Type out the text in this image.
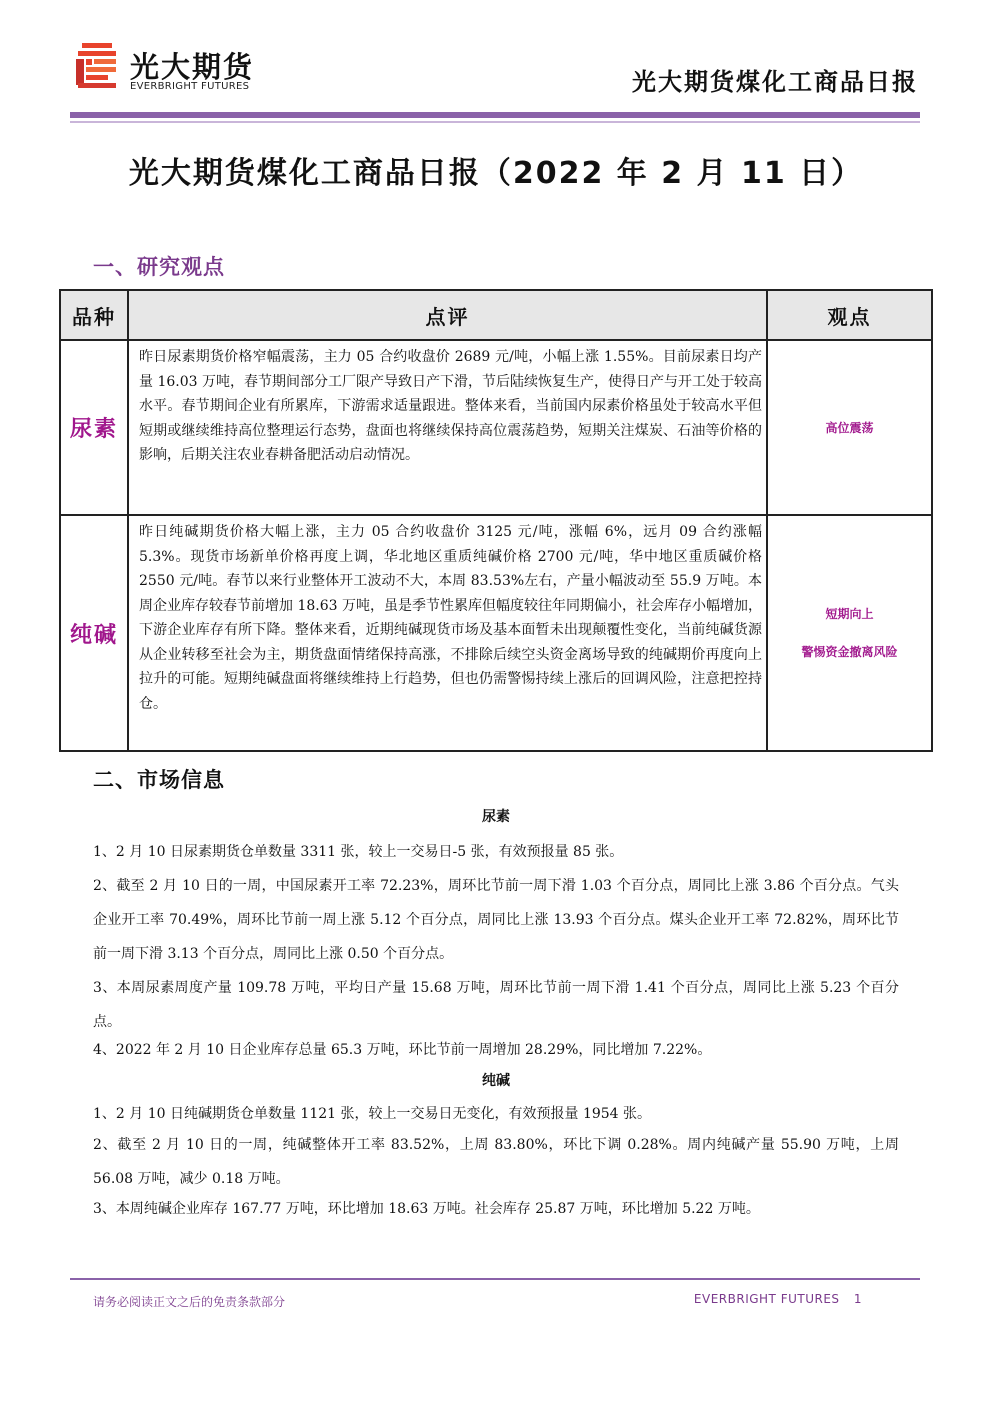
光大期货
EVERBRIGHT FUTURES	光大期货煤化工商品日报
光大期货煤化工商品日报（2022 年 2 月 11 日）
一、研究观点
品种	点评	观点
尿素	昨日尿素期货价格窄幅震荡，主力 05 合约收盘价 2689 元/吨，小幅上涨 1.55%。目前尿素日均产量 16.03 万吨，春节期间部分工厂限产导致日产下滑，节后陆续恢复生产，使得日产与开工处于较高水平。春节期间企业有所累库，下游需求适量跟进。整体来看，当前国内尿素价格虽处于较高水平但短期或继续维持高位整理运行态势，盘面也将继续保持高位震荡趋势，短期关注煤炭、石油等价格的影响，后期关注农业春耕备肥活动启动情况。	高位震荡

纯碱	昨日纯碱期货价格大幅上涨，主力 05 合约收盘价 3125 元/吨，涨幅 6%，远月 09 合约涨幅 5.3%。现货市场新单价格再度上调，华北地区重质纯碱价格 2700 元/吨，华中地区重质碱价格 2550 元/吨。春节以来行业整体开工波动不大，本周 83.53%左右，产量小幅波动至 55.9 万吨。本周企业库存较春节前增加 18.63 万吨，虽是季节性累库但幅度较往年同期偏小，社会库存小幅增加，下游企业库存有所下降。整体来看，近期纯碱现货市场及基本面暂未出现颠覆性变化，当前纯碱货源从企业转移至社会为主，期货盘面情绪保持高涨，不排除后续空头资金离场导致的纯碱期价再度向上拉升的可能。短期纯碱盘面将继续维持上行趋势，但也仍需警惕持续上涨后的回调风险，注意把控持仓。	短期向上
警惕资金撤离风险
二、市场信息
尿素
1、2 月 10 日尿素期货仓单数量 3311 张，较上一交易日-5 张，有效预报量 85 张。
2、截至 2 月 10 日的一周，中国尿素开工率 72.23%，周环比节前一周下滑 1.03 个百分点，周同比上涨 3.86 个百分点。气头企业开工率 70.49%，周环比节前一周上涨 5.12 个百分点，周同比上涨 13.93 个百分点。煤头企业开工率 72.82%，周环比节前一周下滑 3.13 个百分点，周同比上涨 0.50 个百分点。
3、本周尿素周度产量 109.78 万吨，平均日产量 15.68 万吨，周环比节前一周下滑 1.41 个百分点，周同比上涨 5.23 个百分点。
4、2022 年 2 月 10 日企业库存总量 65.3 万吨，环比节前一周增加 28.29%，同比增加 7.22%。
纯碱
1、2 月 10 日纯碱期货仓单数量 1121 张，较上一交易日无变化，有效预报量 1954 张。
2、截至 2 月 10 日的一周，纯碱整体开工率 83.52%，上周 83.80%，环比下调 0.28%。周内纯碱产量 55.90 万吨，上周 56.08 万吨，减少 0.18 万吨。
3、本周纯碱企业库存 167.77 万吨，环比增加 18.63 万吨。社会库存 25.87 万吨，环比增加 5.22 万吨。
请务必阅读正文之后的免责条款部分	EVERBRIGHT FUTURES 1
